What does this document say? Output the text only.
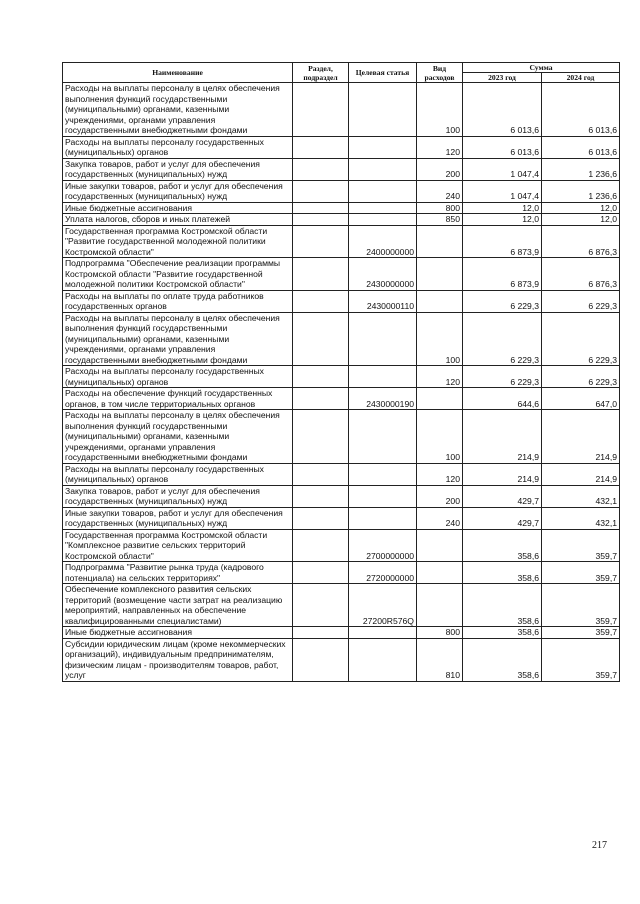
Наименование	Раздел, подраздел	Целевая статья	Вид расходов	Сумма	
				2023 год	2024 год
Расходы на выплаты персоналу в целях обеспечения выполнения функций государственными (муниципальными) органами, казенными учреждениями, органами управления государственными внебюджетными фондами			100	6 013,6	6 013,6
Расходы на выплаты персоналу государственных (муниципальных) органов			120	6 013,6	6 013,6
Закупка товаров, работ и услуг для обеспечения государственных (муниципальных) нужд			200	1 047,4	1 236,6
Иные закупки товаров, работ и услуг для обеспечения государственных (муниципальных) нужд			240	1 047,4	1 236,6
Иные бюджетные ассигнования			800	12,0	12,0
Уплата налогов, сборов и иных платежей			850	12,0	12,0
Государственная программа Костромской области "Развитие государственной молодежной политики Костромской области"		2400000000		6 873,9	6 876,3
Подпрограмма "Обеспечение реализации программы Костромской области "Развитие государственной молодежной политики Костромской области"		2430000000		6 873,9	6 876,3
Расходы на выплаты по оплате труда работников государственных органов		2430000110		6 229,3	6 229,3
Расходы на выплаты персоналу в целях обеспечения выполнения функций государственными (муниципальными) органами, казенными учреждениями, органами управления государственными внебюджетными фондами			100	6 229,3	6 229,3
Расходы на выплаты персоналу государственных (муниципальных) органов			120	6 229,3	6 229,3
Расходы на обеспечение функций государственных органов, в том числе территориальных органов		2430000190		644,6	647,0
Расходы на выплаты персоналу в целях обеспечения выполнения функций государственными (муниципальными) органами, казенными учреждениями, органами управления государственными внебюджетными фондами			100	214,9	214,9
Расходы на выплаты персоналу государственных (муниципальных) органов			120	214,9	214,9
Закупка товаров, работ и услуг для обеспечения государственных (муниципальных) нужд			200	429,7	432,1
Иные закупки товаров, работ и услуг для обеспечения государственных (муниципальных) нужд			240	429,7	432,1
Государственная программа Костромской области "Комплексное развитие сельских территорий Костромской области"		2700000000		358,6	359,7
Подпрограмма "Развитие рынка труда (кадрового потенциала) на сельских территориях"		2720000000		358,6	359,7
Обеспечение комплексного развития сельских территорий (возмещение части затрат на реализацию мероприятий, направленных на обеспечение квалифицированными специалистами)		27200R576Q		358,6	359,7
Иные бюджетные ассигнования			800	358,6	359,7
Субсидии юридическим лицам (кроме некоммерческих организаций), индивидуальным предпринимателям, физическим лицам - производителям товаров, работ, услуг			810	358,6	359,7
217
